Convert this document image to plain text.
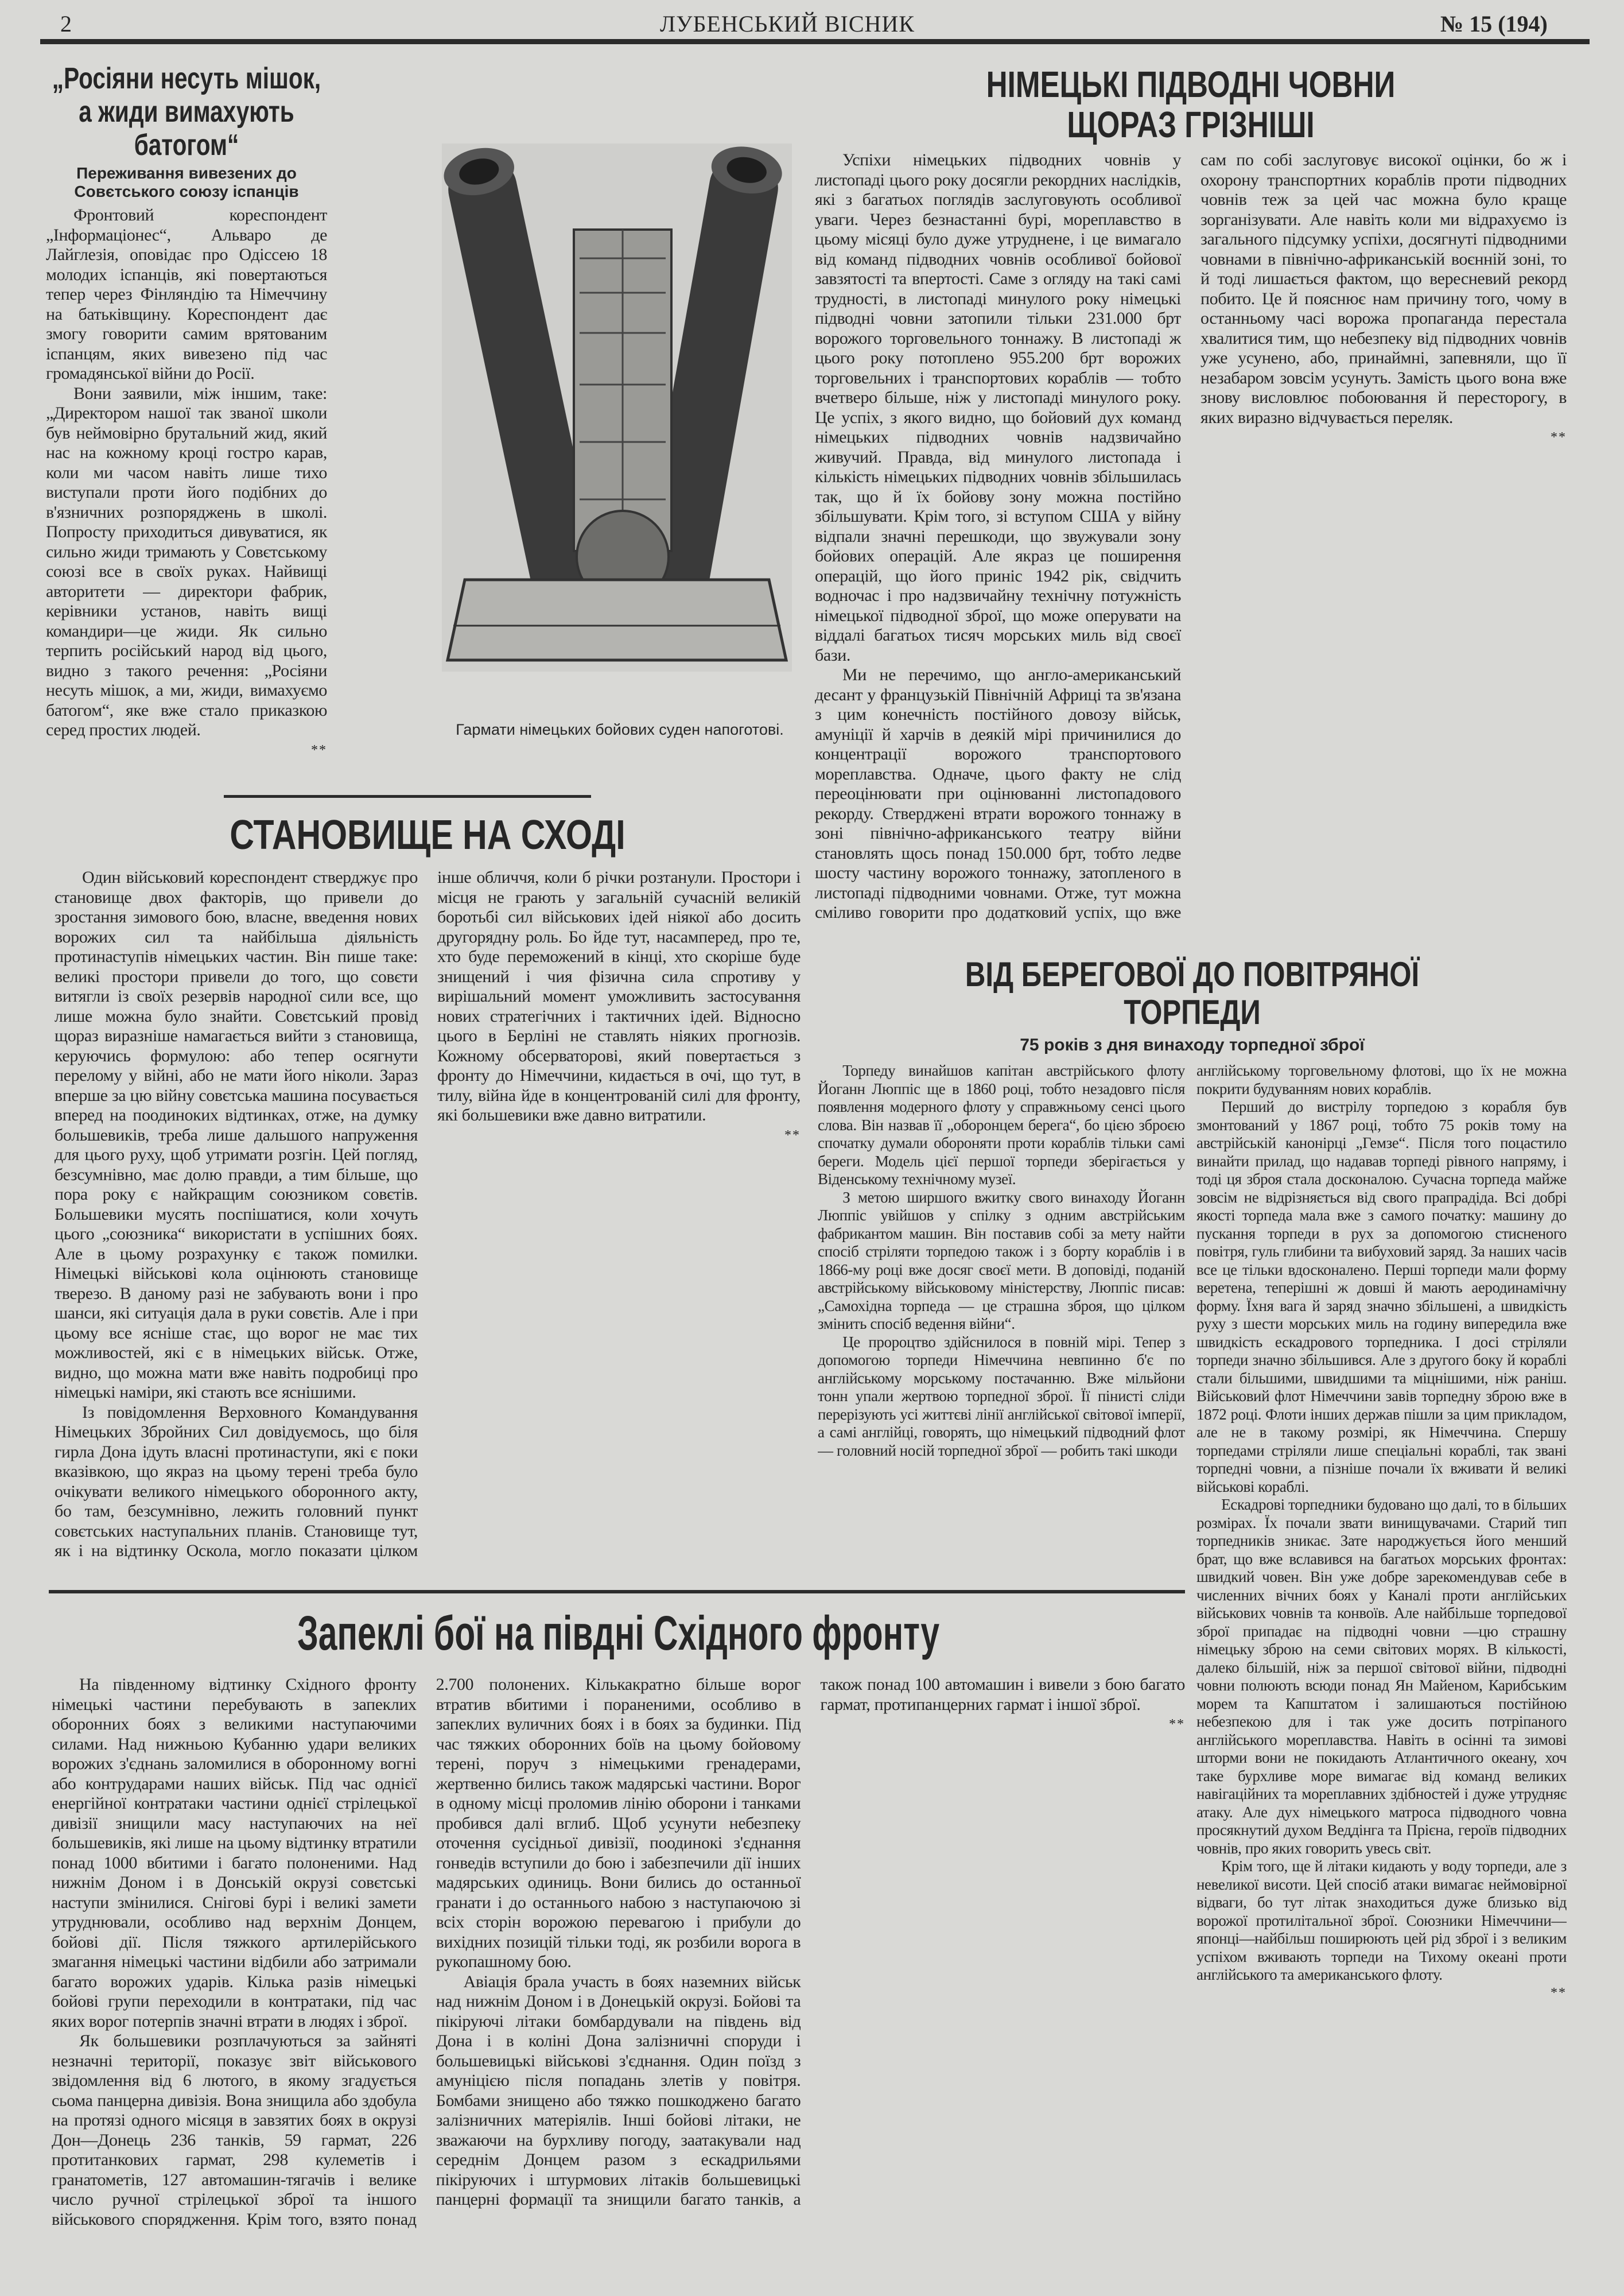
2	ЛУБЕНСЬКИЙ ВІСНИК	№ 15 (194)
„Росіяни несуть мішок,
а жиди вимахують батогом“
Переживання вивезених до Совєтського союзу іспанців

Фронтовий кореспондент „Інформаціонес“, Альваро де Лайглезія, оповідає про Одіссею 18 молодих іспанців, які повертаються тепер через Фінляндію та Німеччину на батьківщину. Кореспондент дає змогу говорити самим врятованим іспанцям, яких вивезено під час громадянської війни до Росії.

Вони заявили, між іншим, таке: „Директором нашої так званої школи був неймовірно брутальний жид, який нас на кожному кроці гостро карав, коли ми часом навіть лише тихо виступали проти його подібних до в'язничних розпоряджень в школі. Попросту приходиться дивуватися, як сильно жиди тримають у Совєтському союзі все в своїх руках. Найвищі авторитети — директори фабрик, керівники установ, навіть вищі командири—це жиди. Як сильно терпить російський народ від цього, видно з такого речення: „Росіяни несуть мішок, а ми, жиди, вимахуємо батогом“, яке вже стало приказкою серед простих людей.

**
Гармати німецьких бойових суден напоготові.
НІМЕЦЬКІ ПІДВОДНІ ЧОВНИ
ЩОРАЗ ГРІЗНІШІ

Успіхи німецьких підводних човнів у листопаді цього року досягли рекордних наслідків, які з багатьох поглядів заслуговують особливої уваги. Через безнастанні бурі, мореплавство в цьому місяці було дуже утруднене, і це вимагало від команд підводних човнів особливої бойової завзятості та впертості. Саме з огляду на такі самі трудності, в листопаді минулого року німецькі підводні човни затопили тільки 231.000 брт ворожого торговельного тоннажу. В листопаді ж цього року потоплено 955.200 брт ворожих торговельних і транспортових кораблів — тобто вчетверо більше, ніж у листопаді минулого року. Це успіх, з якого видно, що бойовий дух команд німецьких підводних човнів надзвичайно живучий. Правда, від минулого листопада і кількість німецьких підводних човнів збільшилась так, що й їх бойову зону можна постійно збільшувати. Крім того, зі вступом США у війну відпали значні перешкоди, що звужували зону бойових операцій. Але якраз це поширення операцій, що його приніс 1942 рік, свідчить водночас і про надзвичайну технічну потужність німецької підводної зброї, що може оперувати на віддалі багатьох тисяч морських миль від своєї бази.

Ми не перечимо, що англо-американський десант у французькій Північній Африці та зв'язана з цим конечність постійного довозу військ, амуніції й харчів в деякій мірі причинилися до концентрації ворожого транспортового мореплавства. Одначе, цього факту не слід переоцінювати при оцінюванні листопадового рекорду. Стверджені втрати ворожого тоннажу в зоні північно-африканського театру війни становлять щось понад 150.000 брт, тобто ледве шосту частину ворожого тоннажу, затопленого в листопаді підводними човнами. Отже, тут можна сміливо говорити про додатковий успіх, що вже сам по собі заслуговує високої оцінки, бо ж і охорону транспортних кораблів проти підводних човнів теж за цей час можна було краще зорганізувати. Але навіть коли ми відрахуємо із загального підсумку успіхи, досягнуті підводними човнами в північно-африканській воєнній зоні, то й тоді лишається фактом, що вересневий рекорд побито. Це й пояснює нам причину того, чому в останньому часі ворожа пропаганда перестала хвалитися тим, що небезпеку від підводних човнів уже усунено, або, принаймні, запевняли, що її незабаром зовсім усунуть. Замість цього вона вже знову висловлює побоювання й пересторогу, в яких виразно відчувається переляк.

**
СТАНОВИЩЕ НА СХОДІ

Один військовий кореспондент стверджує про становище двох факторів, що привели до зростання зимового бою, власне, введення нових ворожих сил та найбільша діяльність протинаступів німецьких частин. Він пише таке: великі простори привели до того, що совєти витягли із своїх резервів народної сили все, що лише можна було знайти. Совєтський провід щораз виразніше намагається вийти з становища, керуючись формулою: або тепер осягнути перелому у війні, або не мати його ніколи. Зараз вперше за цю війну совєтська машина посувається вперед на поодиноких відтинках, отже, на думку большевиків, треба лише дальшого напруження для цього руху, щоб утримати розгін. Цей погляд, безсумнівно, має долю правди, а тим більше, що пора року є найкращим союзником совєтів. Большевики мусять поспішатися, коли хочуть цього „союзника“ використати в успішних боях. Але в цьому розрахунку є також помилки. Німецькі військові кола оцінюють становище тверезо. В даному разі не забувають вони і про шанси, які ситуація дала в руки совєтів. Але і при цьому все ясніше стає, що ворог не має тих можливостей, які є в німецьких військ. Отже, видно, що можна мати вже навіть подробиці про німецькі наміри, які стають все яснішими.

Із повідомлення Верховного Командування Німецьких Збройних Сил довідуємось, що біля гирла Дона ідуть власні протинаступи, які є поки вказівкою, що якраз на цьому терені треба було очікувати великого німецького оборонного акту, бо там, безсумнівно, лежить головний пункт совєтських наступальних планів. Становище тут, як і на відтинку Оскола, могло показати цілком інше обличчя, коли б річки розтанули. Простори і місця не грають у загальній сучасній великій боротьбі сил військових ідей ніякої або досить другорядну роль. Бо йде тут, насамперед, про те, хто буде переможений в кінці, хто скоріше буде знищений і чия фізична сила спротиву у вирішальний момент уможливить застосування нових стратегічних і тактичних ідей. Відносно цього в Берліні не ставлять ніяких прогнозів. Кожному обсерваторові, який повертається з фронту до Німеччини, кидається в очі, що тут, в тилу, війна йде в концентрованій силі для фронту, які большевики вже давно витратили.

**
ВІД БЕРЕГОВОЇ ДО ПОВІТРЯНОЇ
ТОРПЕДИ
75 років з дня винаходу торпедної зброї

Торпеду винайшов капітан австрійського флоту Йоганн Люппіс ще в 1860 році, тобто незадовго після появлення модерного флоту у справжньому сенсі цього слова. Він назвав її „оборонцем берега“, бо цією зброєю спочатку думали обороняти проти кораблів тільки самі береги. Модель цієї першої торпеди зберігається у Віденському технічному музеї.

З метою ширшого вжитку свого винаходу Йоганн Люппіс увійшов у спілку з одним австрійським фабрикантом машин. Він поставив собі за мету найти спосіб стріляти торпедою також і з борту кораблів і в 1866-му році вже досяг своєї мети. В доповіді, поданій австрійському військовому міністерству, Люппіс писав: „Самохідна торпеда — це страшна зброя, що цілком змінить спосіб ведення війни“.

Це пророцтво здійснилося в повній мірі. Тепер з допомогою торпеди Німеччина невпинно б'є по англійському морському постачанню. Вже мільйони тонн упали жертвою торпедної зброї. Її пінисті сліди перерізують усі життєві лінії англійської світової імперії, а самі англійці, говорять, що німецький підводний флот — головний носій торпедної зброї — робить такі шкоди

англійському торговельному флотові, що їх не можна покрити будуванням нових кораблів.

Перший до вистрілу торпедою з корабля був змонтований у 1867 році, тобто 75 років тому на австрійській канонірці „Гемзе“. Після того поцастило винайти прилад, що надавав торпеді рівного напряму, і тоді ця зброя стала досконалою. Сучасна торпеда майже зовсім не відрізняється від свого прапрадіда. Всі добрі якості торпеда мала вже з самого початку: машину до пускання торпеди в рух за допомогою стисненого повітря, гуль глибини та вибуховий заряд. За наших часів все це тільки вдосконалено. Перші торпеди мали форму веретена, теперішні ж довші й мають аеродинамічну форму. Їхня вага й заряд значно збільшені, а швидкість руху з шести морських миль на годину випередила вже швидкість ескадрового торпедника. І досі стріляли торпеди значно збільшився. Але з другого боку й кораблі стали більшими, швидшими та міцнішими, ніж раніш. Військовий флот Німеччини завів торпедну зброю вже в 1872 році. Флоти інших держав пішли за цим прикладом, але не в такому розмірі, як Німеччина. Спершу торпедами стріляли лише спеціальні кораблі, так звані торпедні човни, а пізніше почали їх вживати й великі військові кораблі.

Ескадрові торпедники будовано що далі, то в більших розмірах. Їх почали звати винищувачами. Старий тип торпедників зникає. Зате народжується його менший брат, що вже вславився на багатьох морських фронтах: швидкий човен. Він уже добре зарекомендував себе в численних вічних боях у Каналі проти англійських військових човнів та конвоїв. Але найбільше торпедової зброї припадає на підводні човни —цю страшну німецьку зброю на семи світових морях. В кількості, далеко більшій, ніж за першої світової війни, підводні човни полюють всюди понад Ян Майеном, Карибським морем та Капштатом і залишаються постійною небезпекою для і так уже досить потріпаного англійського мореплавства. Навіть в осінні та зимові шторми вони не покидають Атлантичного океану, хоч таке бурхливе море вимагає від команд великих навігаційних та мореплавних здібностей і дуже утрудняє атаку. Але дух німецького матроса підводного човна просякнутий духом Веддінга та Прієна, героїв підводних човнів, про яких говорить увесь світ.

Крім того, ще й літаки кидають у воду торпеди, але з невеликої висоти. Цей спосіб атаки вимагає неймовірної відваги, бо тут літак знаходиться дуже близько від ворожої протилітальної зброї. Союзники Німеччини—японці—найбільш поширюють цей рід зброї і з великим успіхом вживають торпеди на Тихому океані проти англійського та американського флоту.

**
Запеклі бої на півдні Східного фронту

На південному відтинку Східного фронту німецькі частини перебувають в запеклих оборонних боях з великими наступаючими силами. Над нижньою Кубанню удари великих ворожих з'єднань заломилися в оборонному вогні або контрударами наших військ. Під час однієї енергійної контратаки частини однієї стрілецької дивізії знищили масу наступаючих на неї большевиків, які лише на цьому відтинку втратили понад 1000 вбитими і багато полоненими. Над нижнім Доном і в Донській окрузі совєтські наступи змінилися. Снігові бурі і великі замети утруднювали, особливо над верхнім Донцем, бойові дії. Після тяжкого артилерійського змагання німецькі частини відбили або затримали багато ворожих ударів. Кілька разів німецькі бойові групи переходили в контратаки, під час яких ворог потерпів значні втрати в людях і зброї.

Як большевики розплачуються за зайняті незначні території, показує звіт військового звідомлення від 6 лютого, в якому згадується сьома панцерна дивізія. Вона знищила або здобула на протязі одного місяця в завзятих боях в окрузі Дон—Донець 236 танків, 59 гармат, 226 протитанкових гармат, 298 кулеметів і гранатометів, 127 автомашин-тягачів і велике число ручної стрілецької зброї та іншого військового спорядження. Крім того, взято понад 2.700 полонених. Кількакратно більше ворог втратив вбитими і пораненими, особливо в запеклих вуличних боях і в боях за будинки. Під час тяжких оборонних боїв на цьому бойовому терені, поруч з німецькими гренадерами, жертвенно бились також мадярські частини. Ворог в одному місці проломив лінію оборони і танками пробився далі вглиб. Щоб усунути небезпеку оточення сусідньої дивізії, поодинокі з'єднання гонведів вступили до бою і забезпечили дії інших мадярських одиниць. Вони бились до останньої гранати і до останнього набою з наступаючою зі всіх сторін ворожою перевагою і прибули до вихідних позицій тільки тоді, як розбили ворога в рукопашному бою.

Авіація брала участь в боях наземних військ над нижнім Доном і в Донецькій окрузі. Бойові та пікіруючі літаки бомбардували на південь від Дона і в коліні Дона залізничні споруди і большевицькі військові з'єднання. Один поїзд з амуніцією після попадань злетів у повітря. Бомбами знищено або тяжко пошкоджено багато залізничних матеріялів. Інші бойові літаки, не зважаючи на бурхливу погоду, заатакували над середнім Донцем разом з ескадрильями пікіруючих і штурмових літаків большевицькі панцерні формації та знищили багато танків, а також понад 100 автомашин і вивели з бою багато гармат, протипанцерних гармат і іншої зброї.

**
